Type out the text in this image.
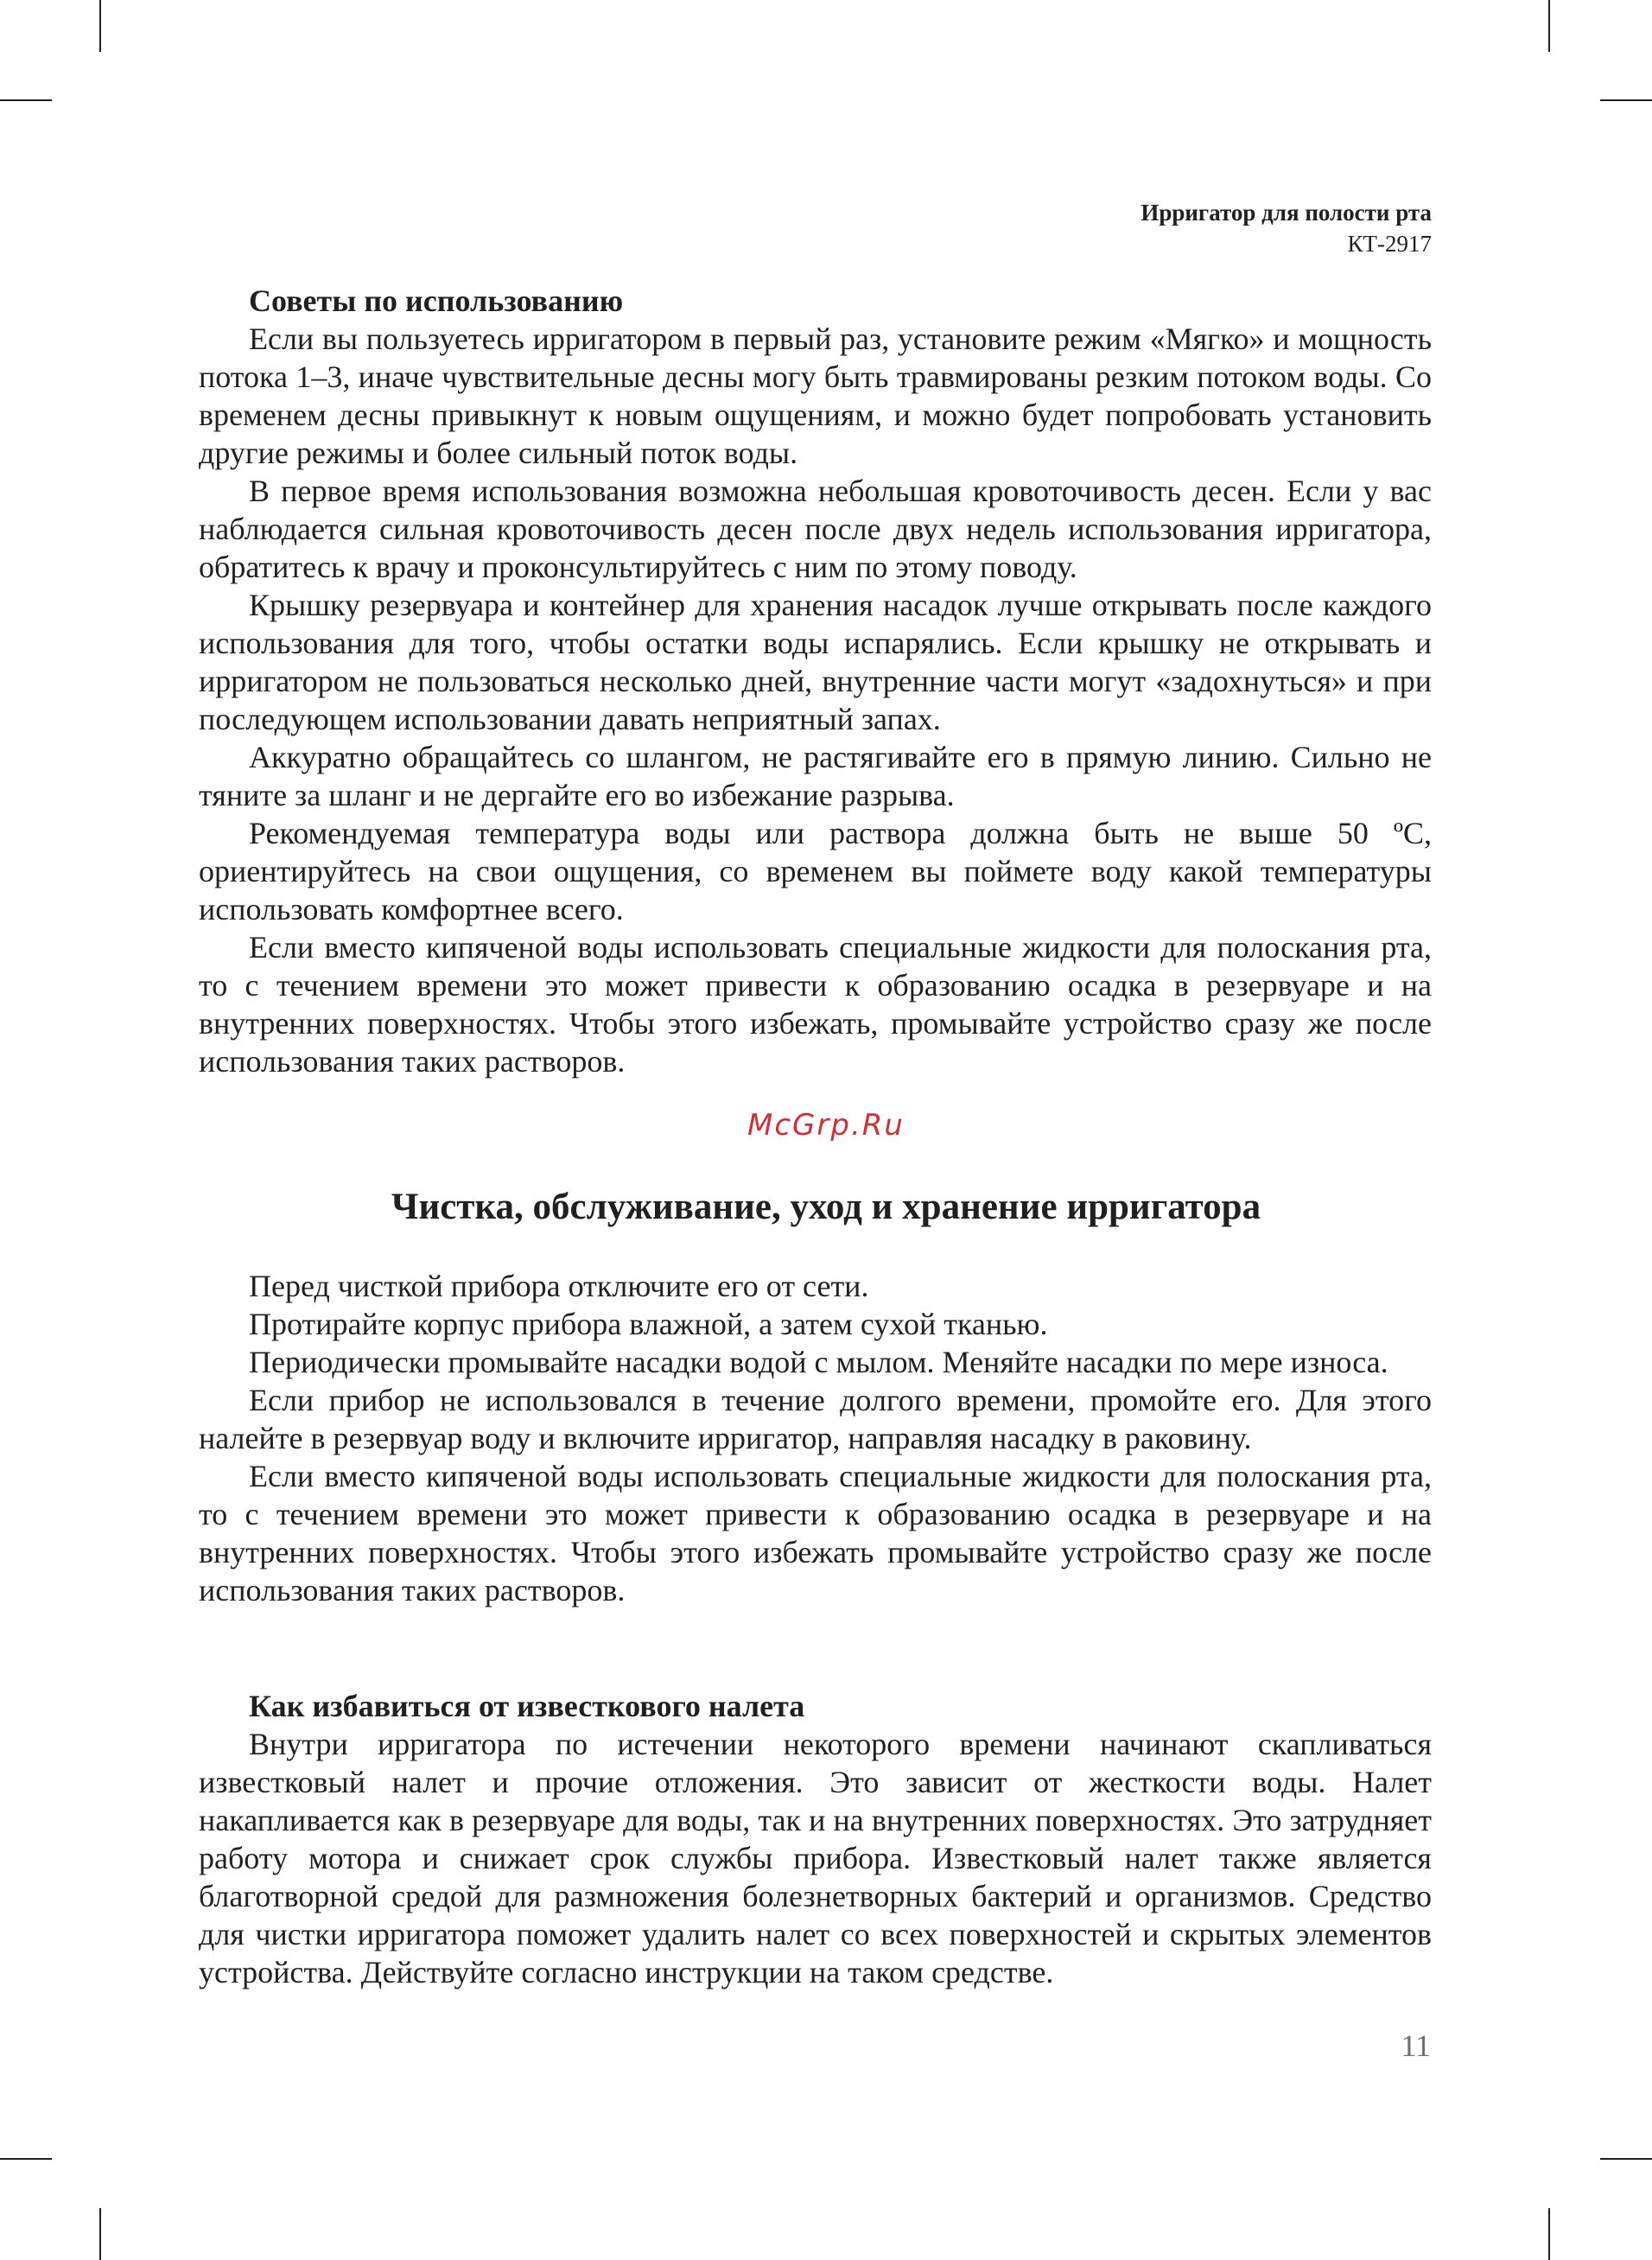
Ирригатор для полости рта
КТ-2917

Советы по использованию

Если вы пользуетесь ирригатором в первый раз, установите режим «Мягко» и мощность потока 1–3, иначе чувствительные десны могу быть травмированы резким потоком воды. Со временем десны привыкнут к новым ощущениям, и можно будет попробовать установить другие режимы и более сильный поток воды.

В первое время использования возможна небольшая кровоточивость десен. Если у вас наблюдается сильная кровоточивость десен после двух недель использования ирригатора, обратитесь к врачу и проконсультируйтесь с ним по этому поводу.

Крышку резервуара и контейнер для хранения насадок лучше открывать после каждого использования для того, чтобы остатки воды испарялись. Если крышку не открывать и ирригатором не пользоваться несколько дней, внутренние части могут «задохнуться» и при последующем использовании давать неприятный запах.

Аккуратно обращайтесь со шлангом, не растягивайте его в прямую линию. Сильно не тяните за шланг и не дергайте его во избежание разрыва.

Рекомендуемая температура воды или раствора должна быть не выше 50 ºС, ориентируйтесь на свои ощущения, со временем вы поймете воду какой температуры использовать комфортнее всего.

Если вместо кипяченой воды использовать специальные жидкости для полоскания рта, то с течением времени это может привести к образованию осадка в резервуаре и на внутренних поверхностях. Чтобы этого избежать, промывайте устройство сразу же после использования таких растворов.

McGrp.Ru
Чистка, обслуживание, уход и хранение ирригатора

Перед чисткой прибора отключите его от сети.

Протирайте корпус прибора влажной, а затем сухой тканью.

Периодически промывайте насадки водой с мылом. Меняйте насадки по мере износа.

Если прибор не использовался в течение долгого времени, промойте его. Для этого налейте в резервуар воду и включите ирригатор, направляя насадку в раковину.

Если вместо кипяченой воды использовать специальные жидкости для полоскания рта, то с течением времени это может привести к образованию осадка в резервуаре и на внутренних поверхностях. Чтобы этого избежать промывайте устройство сразу же после использования таких растворов.

Как избавиться от известкового налета

Внутри ирригатора по истечении некоторого времени начинают скапливаться известковый налет и прочие отложения. Это зависит от жесткости воды. Налет накапливается как в резервуаре для воды, так и на внутренних поверхностях. Это затрудняет работу мотора и снижает срок службы прибора. Известковый налет также является благотворной средой для размножения болезнетворных бактерий и организмов. Средство для чистки ирригатора поможет удалить налет со всех поверхностей и скрытых элементов устройства. Действуйте согласно инструкции на таком средстве.

11
